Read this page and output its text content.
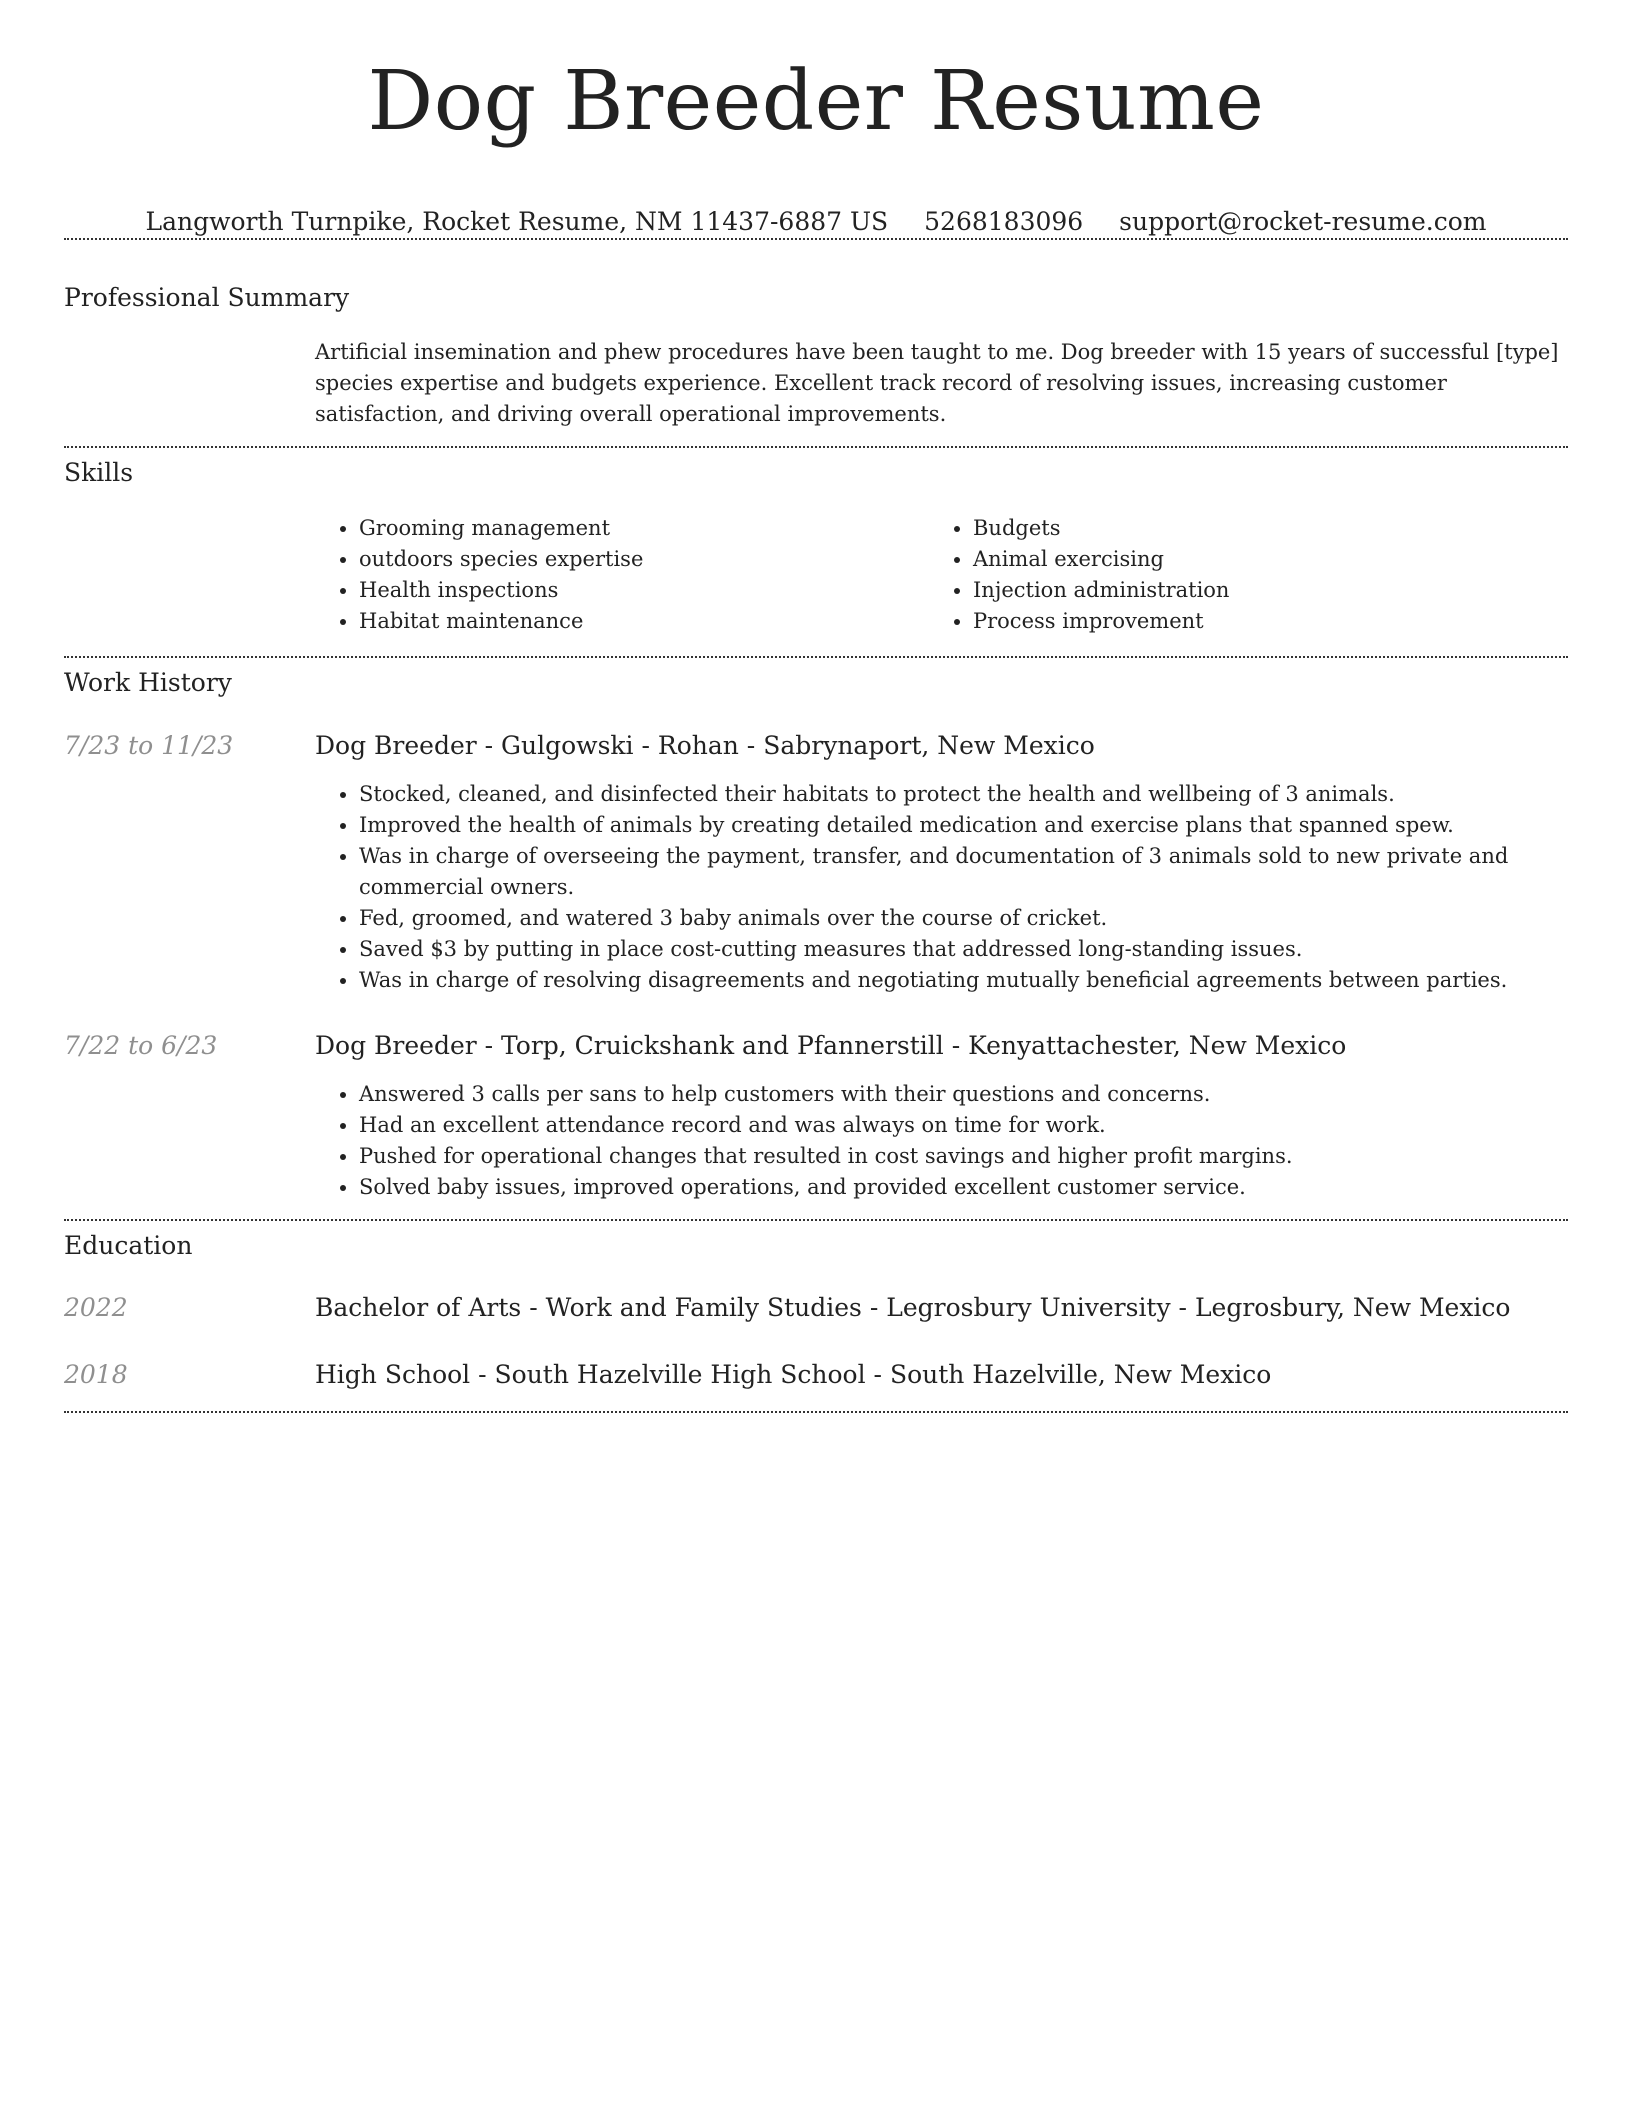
Dog Breeder Resume
Langworth Turnpike, Rocket Resume, NM 11437-6887 US 5268183096 support@rocket-resume.com
Professional Summary

Artificial insemination and phew procedures have been taught to me. Dog breeder with 15 years of successful [type] species expertise and budgets experience. Excellent track record of resolving issues, increasing customer satisfaction, and driving overall operational improvements.

Skills
• Grooming management
• outdoors species expertise
• Health inspections
• Habitat maintenance
• Budgets
• Animal exercising
• Injection administration
• Process improvement
Work History
7/23 to 11/23	Dog Breeder - Gulgowski - Rohan - Sabrynaport, New Mexico
• Stocked, cleaned, and disinfected their habitats to protect the health and wellbeing of 3 animals.
• Improved the health of animals by creating detailed medication and exercise plans that spanned spew.
• Was in charge of overseeing the payment, transfer, and documentation of 3 animals sold to new private and commercial owners.
• Fed, groomed, and watered 3 baby animals over the course of cricket.
• Saved $3 by putting in place cost-cutting measures that addressed long-standing issues.
• Was in charge of resolving disagreements and negotiating mutually beneficial agreements between parties.
7/22 to 6/23	Dog Breeder - Torp, Cruickshank and Pfannerstill - Kenyattachester, New Mexico
• Answered 3 calls per sans to help customers with their questions and concerns.
• Had an excellent attendance record and was always on time for work.
• Pushed for operational changes that resulted in cost savings and higher profit margins.
• Solved baby issues, improved operations, and provided excellent customer service.
Education
2022	Bachelor of Arts - Work and Family Studies - Legrosbury University - Legrosbury, New Mexico
2018	High School - South Hazelville High School - South Hazelville, New Mexico
